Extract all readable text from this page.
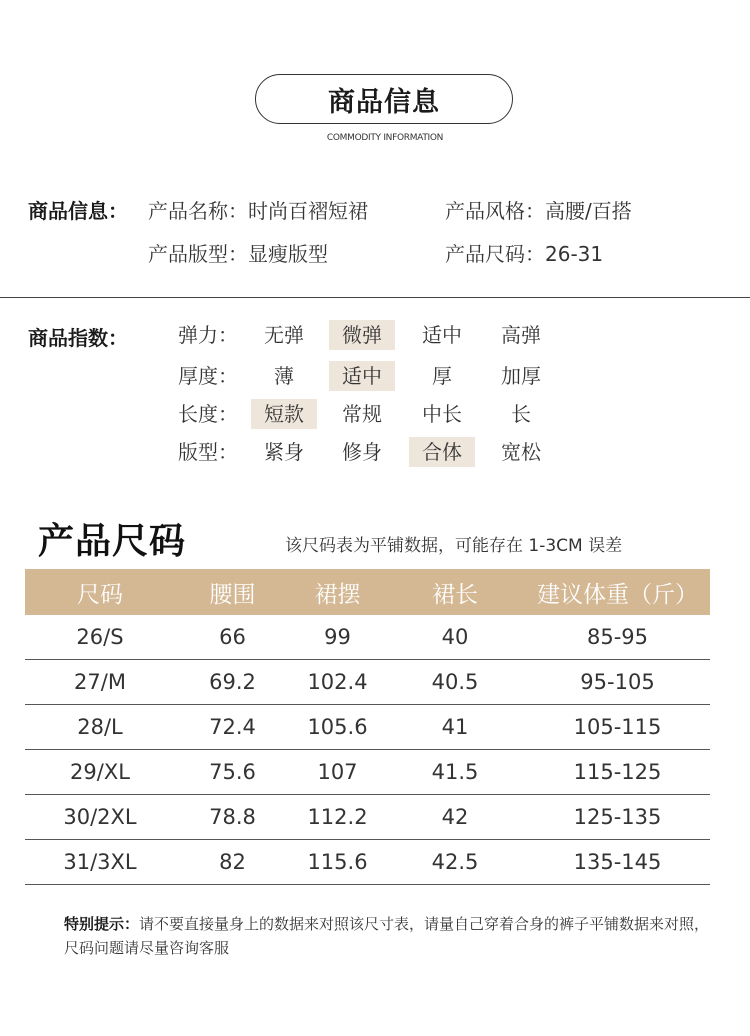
商品信息
COMMODITY INFORMATION
商品信息： 产品名称：时尚百褶短裙	产品风格：高腰/百搭
产品版型：显瘦版型	产品尺码：26-31
商品指数：	弹力：	无弹	微弹	适中	高弹
厚度：	薄	适中	厚	加厚
长度：	短款	常规	中长	长
版型：	紧身	修身	合体	宽松
产品尺码	该尺码表为平铺数据，可能存在 1-3CM 误差
尺码	腰围	裙摆	裙长	建议体重（斤）
26/S	66	99	40	85-95
27/M	69.2	102.4	40.5	95-105
28/L	72.4	105.6	41	105-115
29/XL	75.6	107	41.5	115-125
30/2XL	78.8	112.2	42	125-135
31/3XL	82	115.6	42.5	135-145
特别提示：请不要直接量身上的数据来对照该尺寸表，请量自己穿着合身的裤子平铺数据来对照，尺码问题请尽量咨询客服
